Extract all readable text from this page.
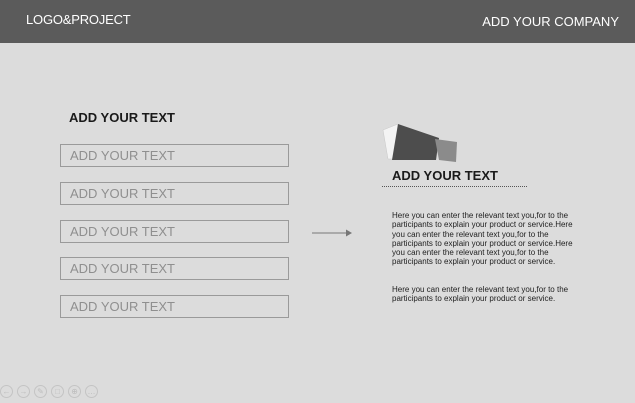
LOGO&PROJECT	ADD YOUR COMPANY
ADD YOUR TEXT
ADD YOUR TEXT
ADD YOUR TEXT
ADD YOUR TEXT
ADD YOUR TEXT
ADD YOUR TEXT
ADD YOUR TEXT

Here you can enter the relevant text you,for to the participants to explain your product or service.Here you can enter the relevant text you,for to the participants to explain your product or service.Here you can enter the relevant text you,for to the participants to explain your product or service.

Here you can enter the relevant text you,for to the participants to explain your product or service.

←	→	✎	□	⊕	…
